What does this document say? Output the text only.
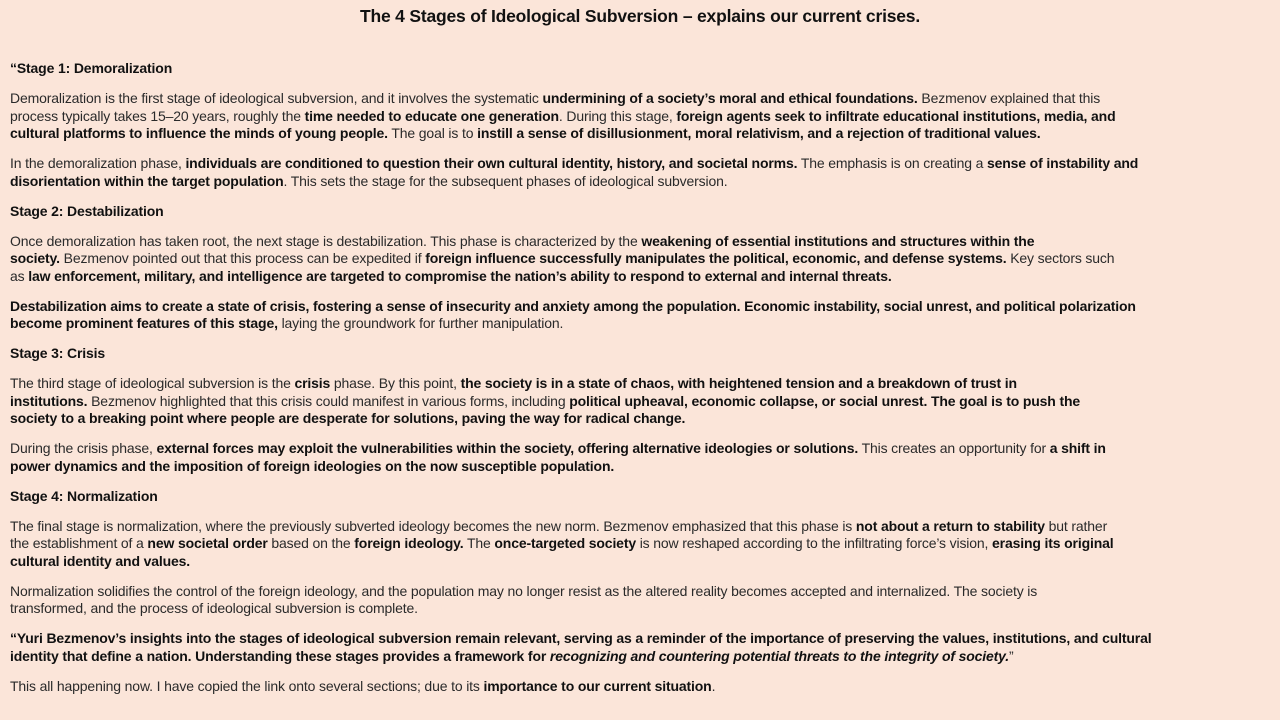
The 4 Stages of Ideological Subversion – explains our current crises.
“Stage 1: Demoralization
Demoralization is the first stage of ideological subversion, and it involves the systematic undermining of a society’s moral and ethical foundations. Bezmenov explained that this
process typically takes 15–20 years, roughly the time needed to educate one generation. During this stage, foreign agents seek to infiltrate educational institutions, media, and
cultural platforms to influence the minds of young people. The goal is to instill a sense of disillusionment, moral relativism, and a rejection of traditional values.
In the demoralization phase, individuals are conditioned to question their own cultural identity, history, and societal norms. The emphasis is on creating a sense of instability and
disorientation within the target population. This sets the stage for the subsequent phases of ideological subversion.
Stage 2: Destabilization
Once demoralization has taken root, the next stage is destabilization. This phase is characterized by the weakening of essential institutions and structures within the
society. Bezmenov pointed out that this process can be expedited if foreign influence successfully manipulates the political, economic, and defense systems. Key sectors such
as law enforcement, military, and intelligence are targeted to compromise the nation’s ability to respond to external and internal threats.
Destabilization aims to create a state of crisis, fostering a sense of insecurity and anxiety among the population. Economic instability, social unrest, and political polarization
become prominent features of this stage, laying the groundwork for further manipulation.
Stage 3: Crisis
The third stage of ideological subversion is the crisis phase. By this point, the society is in a state of chaos, with heightened tension and a breakdown of trust in
institutions. Bezmenov highlighted that this crisis could manifest in various forms, including political upheaval, economic collapse, or social unrest. The goal is to push the
society to a breaking point where people are desperate for solutions, paving the way for radical change.
During the crisis phase, external forces may exploit the vulnerabilities within the society, offering alternative ideologies or solutions. This creates an opportunity for a shift in
power dynamics and the imposition of foreign ideologies on the now susceptible population.
Stage 4: Normalization
The final stage is normalization, where the previously subverted ideology becomes the new norm. Bezmenov emphasized that this phase is not about a return to stability but rather
the establishment of a new societal order based on the foreign ideology. The once-targeted society is now reshaped according to the infiltrating force’s vision, erasing its original
cultural identity and values.
Normalization solidifies the control of the foreign ideology, and the population may no longer resist as the altered reality becomes accepted and internalized. The society is
transformed, and the process of ideological subversion is complete.
“Yuri Bezmenov’s insights into the stages of ideological subversion remain relevant, serving as a reminder of the importance of preserving the values, institutions, and cultural
identity that define a nation. Understanding these stages provides a framework for recognizing and countering potential threats to the integrity of society.”
This all happening now. I have copied the link onto several sections; due to its importance to our current situation.
